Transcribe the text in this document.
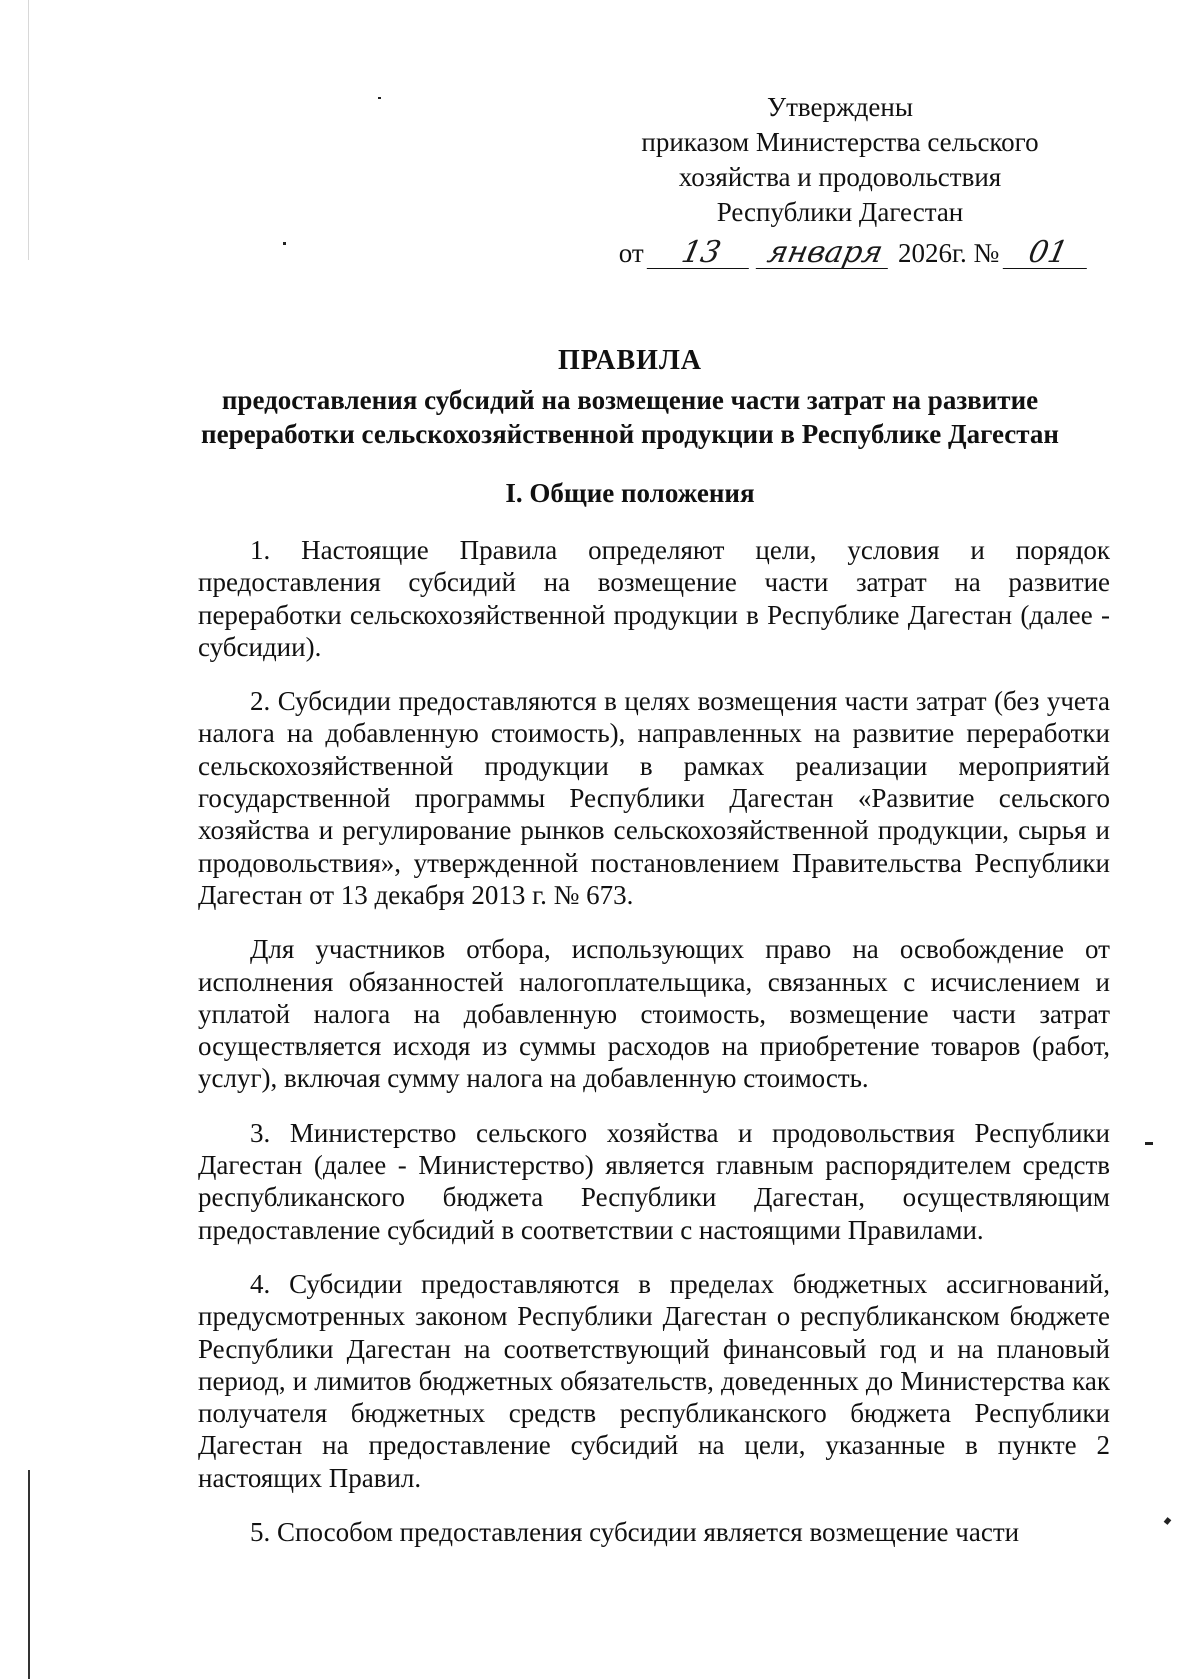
Утверждены
приказом Министерства сельского
хозяйства и продовольствия
Республики Дагестан
от 13 января 2026г. № 01
ПРАВИЛА
предоставления субсидий на возмещение части затрат на развитие
переработки сельскохозяйственной продукции в Республике Дагестан
I. Общие положения

1. Настоящие Правила определяют цели, условия и порядок предоставления субсидий на возмещение части затрат на развитие переработки сельскохозяйственной продукции в Республике Дагестан (далее - субсидии).

2. Субсидии предоставляются в целях возмещения части затрат (без учета налога на добавленную стоимость), направленных на развитие переработки сельскохозяйственной продукции в рамках реализации мероприятий государственной программы Республики Дагестан «Развитие сельского хозяйства и регулирование рынков сельскохозяйственной продукции, сырья и продовольствия», утвержденной постановлением Правительства Республики Дагестан от 13 декабря 2013 г. № 673.

Для участников отбора, использующих право на освобождение от исполнения обязанностей налогоплательщика, связанных с исчислением и уплатой налога на добавленную стоимость, возмещение части затрат осуществляется исходя из суммы расходов на приобретение товаров (работ, услуг), включая сумму налога на добавленную стоимость.

3. Министерство сельского хозяйства и продовольствия Республики Дагестан (далее - Министерство) является главным распорядителем средств республиканского бюджета Республики Дагестан, осуществляющим предоставление субсидий в соответствии с настоящими Правилами.

4. Субсидии предоставляются в пределах бюджетных ассигнований, предусмотренных законом Республики Дагестан о республиканском бюджете Республики Дагестан на соответствующий финансовый год и на плановый период, и лимитов бюджетных обязательств, доведенных до Министерства как получателя бюджетных средств республиканского бюджета Республики Дагестан на предоставление субсидий на цели, указанные в пункте 2 настоящих Правил.

5. Способом предоставления субсидии является возмещение части
